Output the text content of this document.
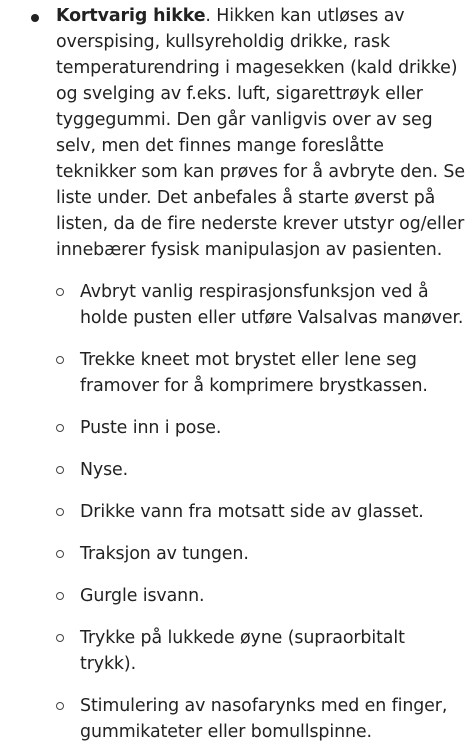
Kortvarig hikke. Hikken kan utløses av overspising, kullsyreholdig drikke, rask temperaturendring i magesekken (kald drikke) og svelging av f.eks. luft, sigarettrøyk eller tyggegummi. Den går vanligvis over av seg selv, men det finnes mange foreslåtte teknikker som kan prøves for å avbryte den. Se liste under. Det anbefales å starte øverst på listen, da de fire nederste krever utstyr og/eller innebærer fysisk manipulasjon av pasienten.

Avbryt vanlig respirasjonsfunksjon ved å holde pusten eller utføre Valsalvas manøver.
Trekke kneet mot brystet eller lene seg framover for å komprimere brystkassen.
Puste inn i pose.
Nyse.
Drikke vann fra motsatt side av glasset.
Traksjon av tungen.
Gurgle isvann.
Trykke på lukkede øyne (supraorbitalt trykk).
Stimulering av nasofarynks med en finger, gummikateter eller bomullspinne.
